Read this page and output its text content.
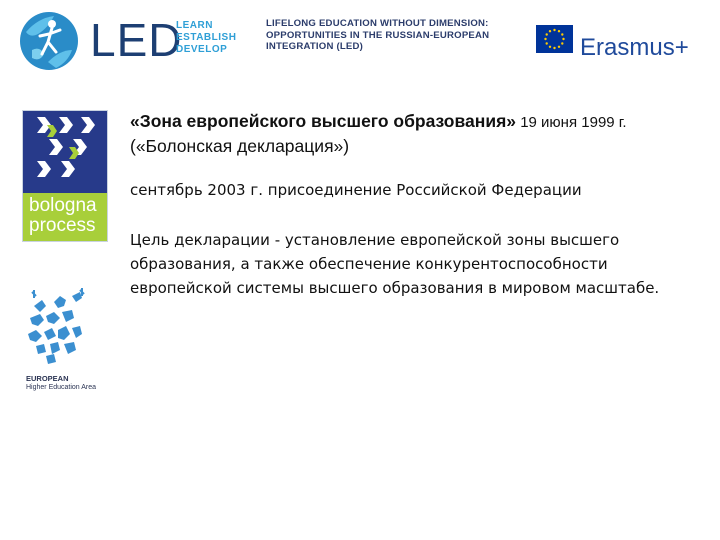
LED
LEARN
ESTABLISH
DEVELOP
LIFELONG EDUCATION WITHOUT DIMENSION:
OPPORTUNITIES IN THE RUSSIAN-EUROPEAN
INTEGRATION (LED)	Erasmus+
bologna
process
EUROPEAN
Higher Education Area
«Зона европейского высшего образования» 19 июня 1999 г.
(«Болонская декларация»)
сентябрь 2003 г. присоединение Российской Федерации
Цель декларации - установление европейской зоны высшего
образования, а также обеспечение конкурентоспособности
европейской системы высшего образования в мировом масштабе.
